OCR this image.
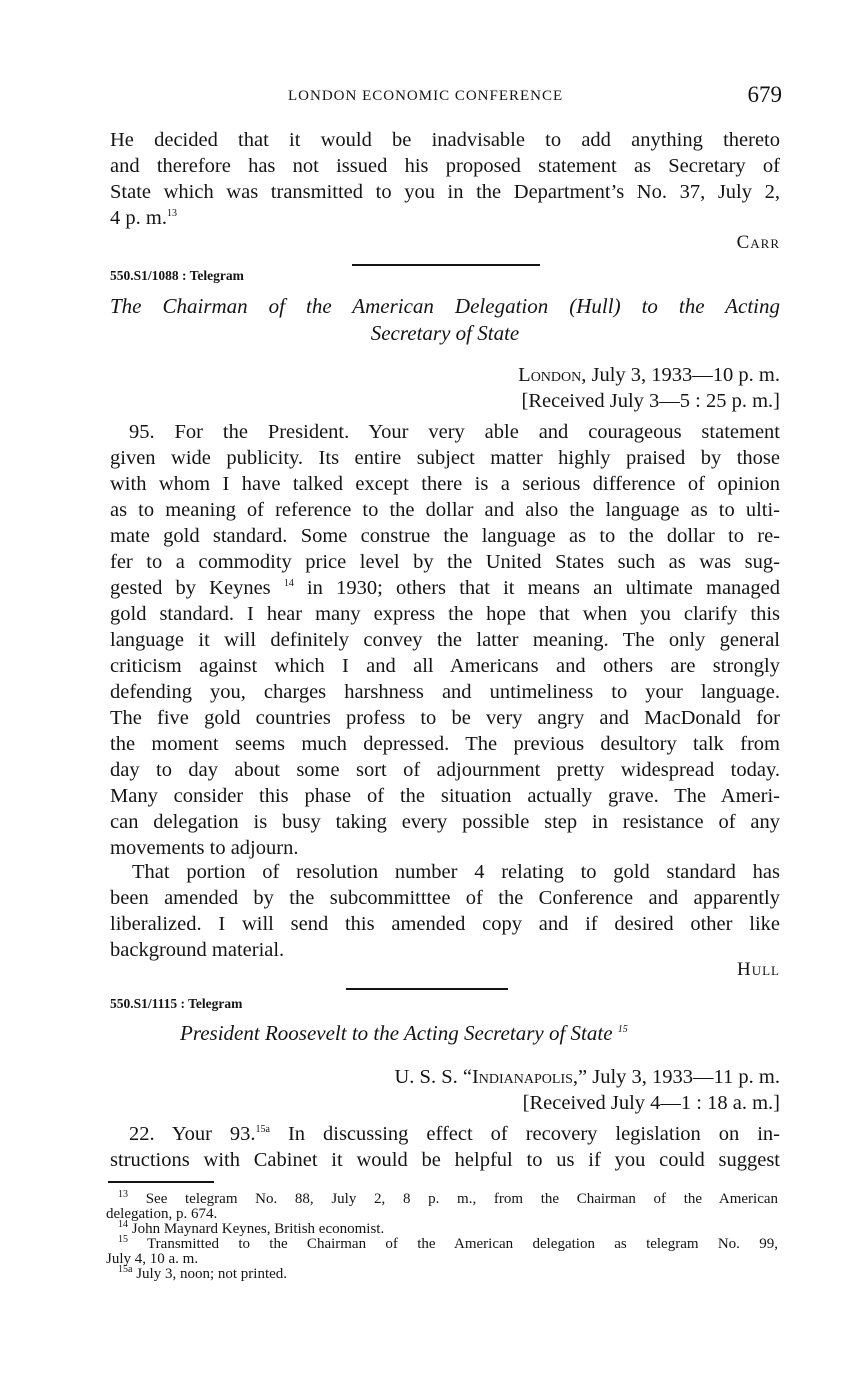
LONDON ECONOMIC CONFERENCE	679
He decided that it would be inadvisable to add anything thereto
and therefore has not issued his proposed statement as Secretary of
State which was transmitted to you in the Department’s No. 37, July 2,
4 p. m.$^{13}$
Carr
550.S1/1088 : Telegram
The Chairman of the American Delegation (Hull) to the Acting
Secretary of State
London, July 3, 1933—10 p. m.
[Received July 3—5 : 25 p. m.]
95. For the President. Your very able and courageous statement
given wide publicity. Its entire subject matter highly praised by those
with whom I have talked except there is a serious difference of opinion
as to meaning of reference to the dollar and also the language as to ulti-
mate gold standard. Some construe the language as to the dollar to re-
fer to a commodity price level by the United States such as was sug-
gested by Keynes $^{14}$ in 1930; others that it means an ultimate managed
gold standard. I hear many express the hope that when you clarify this
language it will definitely convey the latter meaning. The only general
criticism against which I and all Americans and others are strongly
defending you, charges harshness and untimeliness to your language.
The five gold countries profess to be very angry and MacDonald for
the moment seems much depressed. The previous desultory talk from
day to day about some sort of adjournment pretty widespread today.
Many consider this phase of the situation actually grave. The Ameri-
can delegation is busy taking every possible step in resistance of any
movements to adjourn.
That portion of resolution number 4 relating to gold standard has
been amended by the subcommitttee of the Conference and apparently
liberalized. I will send this amended copy and if desired other like
background material.
Hull
550.S1/1115 : Telegram
President Roosevelt to the Acting Secretary of State $^{15}$
U. S. S. “Indianapolis,” July 3, 1933—11 p. m.
[Received July 4—1 : 18 a. m.]
22. Your 93.$^{15a}$ In discussing effect of recovery legislation on in-
structions with Cabinet it would be helpful to us if you could suggest
$^{13}$ See telegram No. 88, July 2, 8 p. m., from the Chairman of the American
delegation, p. 674.
$^{14}$ John Maynard Keynes, British economist.
$^{15}$ Transmitted to the Chairman of the American delegation as telegram No. 99,
July 4, 10 a. m.
$^{15a}$ July 3, noon; not printed.
